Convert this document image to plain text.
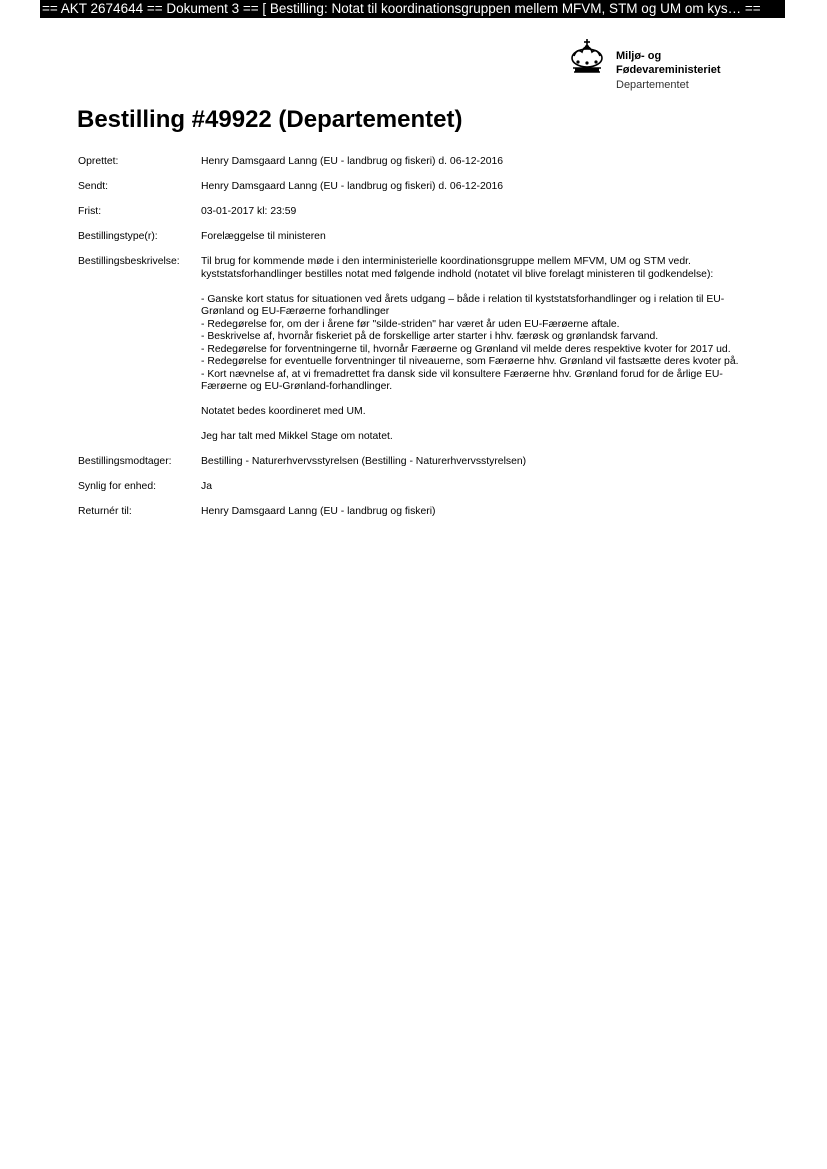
== AKT 2674644 == Dokument 3 == [ Bestilling: Notat til koordinationsgruppen mellem MFVM, STM og UM om kys… ==
Miljø- og
Fødevareministeriet
Departementet
Bestilling #49922 (Departementet)
Oprettet:	Henry Damsgaard Lanng (EU - landbrug og fiskeri) d. 06-12-2016
Sendt:	Henry Damsgaard Lanng (EU - landbrug og fiskeri) d. 06-12-2016
Frist:	03-01-2017 kl: 23:59
Bestillingstype(r):	Forelæggelse til ministeren
Bestillingsbeskrivelse:	Til brug for kommende møde i den interministerielle koordinationsgruppe mellem MFVM, UM og STM vedr. kyststatsforhandlinger bestilles notat med følgende indhold (notatet vil blive forelagt ministeren til godkendelse):

- Ganske kort status for situationen ved årets udgang – både i relation til kyststatsforhandlinger og i relation til EU-Grønland og EU-Færøerne forhandlinger

- Redegørelse for, om der i årene før "silde-striden" har været år uden EU-Færøerne aftale.

- Beskrivelse af, hvornår fiskeriet på de forskellige arter starter i hhv. færøsk og grønlandsk farvand.

- Redegørelse for forventningerne til, hvornår Færøerne og Grønland vil melde deres respektive kvoter for 2017 ud.

- Redegørelse for eventuelle forventninger til niveauerne, som Færøerne hhv. Grønland vil fastsætte deres kvoter på.

- Kort nævnelse af, at vi fremadrettet fra dansk side vil konsultere Færøerne hhv. Grønland forud for de årlige EU-Færøerne og EU-Grønland-forhandlinger.

Notatet bedes koordineret med UM.

Jeg har talt med Mikkel Stage om notatet.

Bestillingsmodtager:	Bestilling - Naturerhvervsstyrelsen (Bestilling - Naturerhvervsstyrelsen)
Synlig for enhed:	Ja
Returnér til:	Henry Damsgaard Lanng (EU - landbrug og fiskeri)
